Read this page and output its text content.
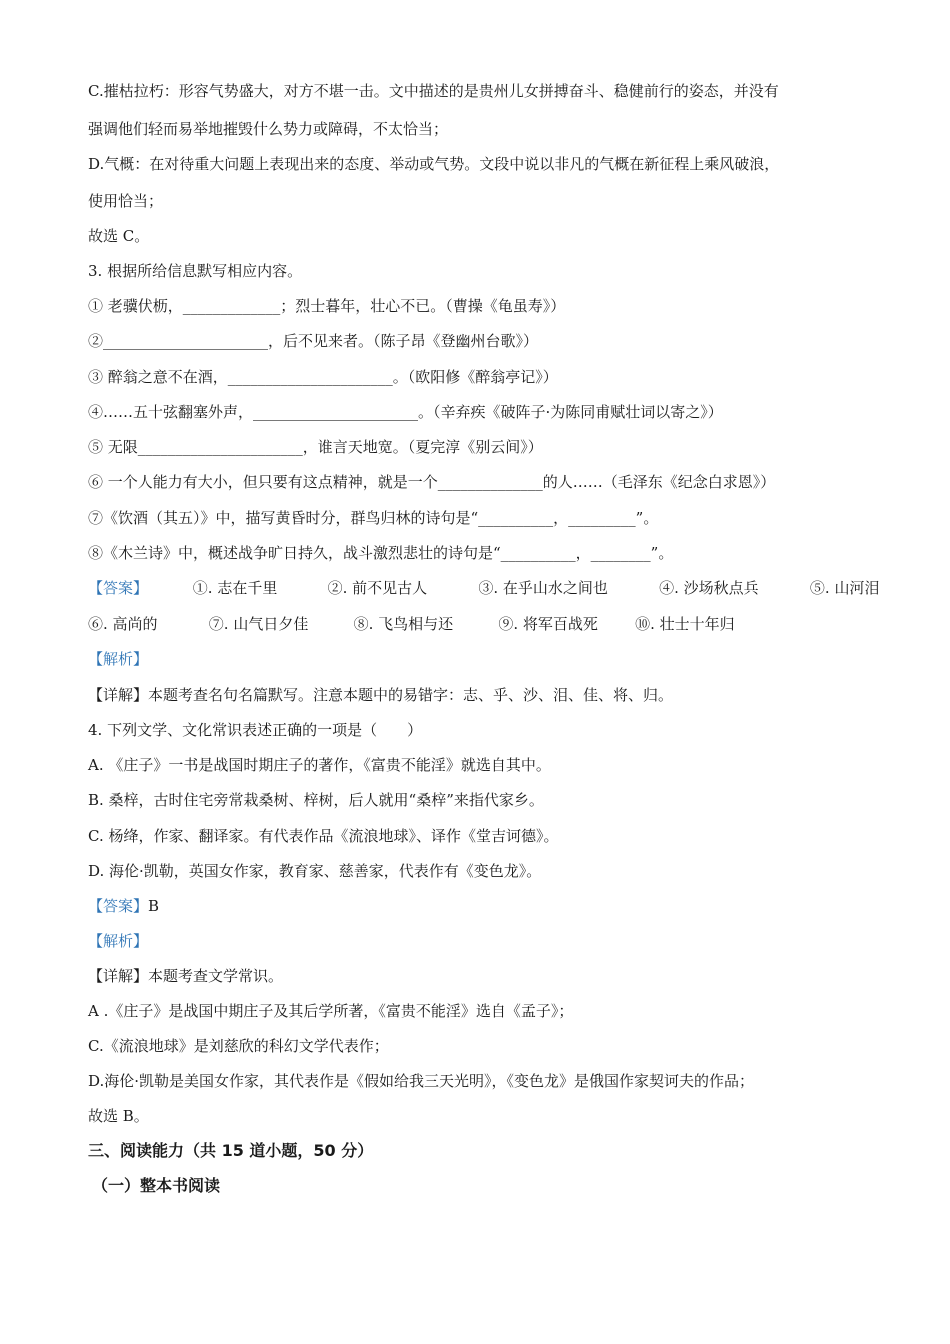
C.摧枯拉朽：形容气势盛大，对方不堪一击。文中描述的是贵州儿女拼搏奋斗、稳健前行的姿态，并没有
强调他们轻而易举地摧毁什么势力或障碍，不太恰当；
D.气概：在对待重大问题上表现出来的态度、举动或气势。文段中说以非凡的气概在新征程上乘风破浪，
使用恰当；
故选 C。
3. 根据所给信息默写相应内容。
① 老骥伏枥，_____________；烈士暮年，壮心不已。（曹操《龟虽寿》）
②______________________，后不见来者。（陈子昂《登幽州台歌》）
③ 醉翁之意不在酒，______________________。（欧阳修《醉翁亭记》）
④……五十弦翻塞外声，______________________。（辛弃疾《破阵子·为陈同甫赋壮词以寄之》）
⑤ 无限______________________，谁言天地宽。（夏完淳《别云间》）
⑥ 一个人能力有大小，但只要有这点精神，就是一个______________的人……（毛泽东《纪念白求恩》）
⑦《饮酒（其五）》中，描写黄昏时分，群鸟归林的诗句是“__________，_________”。
⑧《木兰诗》中，概述战争旷日持久，战斗激烈悲壮的诗句是“__________，________”。
【答案】	①. 志在千里	②. 前不见古人	③. 在乎山水之间也	④. 沙场秋点兵	⑤. 山河泪
⑥. 高尚的	⑦. 山气日夕佳	⑧. 飞鸟相与还	⑨. 将军百战死 ⑩. 壮士十年归
【解析】
【详解】本题考查名句名篇默写。注意本题中的易错字：志、乎、沙、泪、佳、将、归。
4. 下列文学、文化常识表述正确的一项是（　　）
A. 《庄子》一书是战国时期庄子的著作，《富贵不能淫》就选自其中。
B. 桑梓，古时住宅旁常栽桑树、梓树，后人就用“桑梓”来指代家乡。
C. 杨绛，作家、翻译家。有代表作品《流浪地球》、译作《堂吉诃德》。
D. 海伦·凯勒，英国女作家，教育家、慈善家，代表作有《变色龙》。
【答案】B
【解析】
【详解】本题考查文学常识。
A .《庄子》是战国中期庄子及其后学所著，《富贵不能淫》选自《孟子》；
C.《流浪地球》是刘慈欣的科幻文学代表作；
D.海伦·凯勒是美国女作家，其代表作是《假如给我三天光明》，《变色龙》是俄国作家契诃夫的作品；
故选 B。
三、阅读能力（共 15 道小题，50 分）
（一）整本书阅读
